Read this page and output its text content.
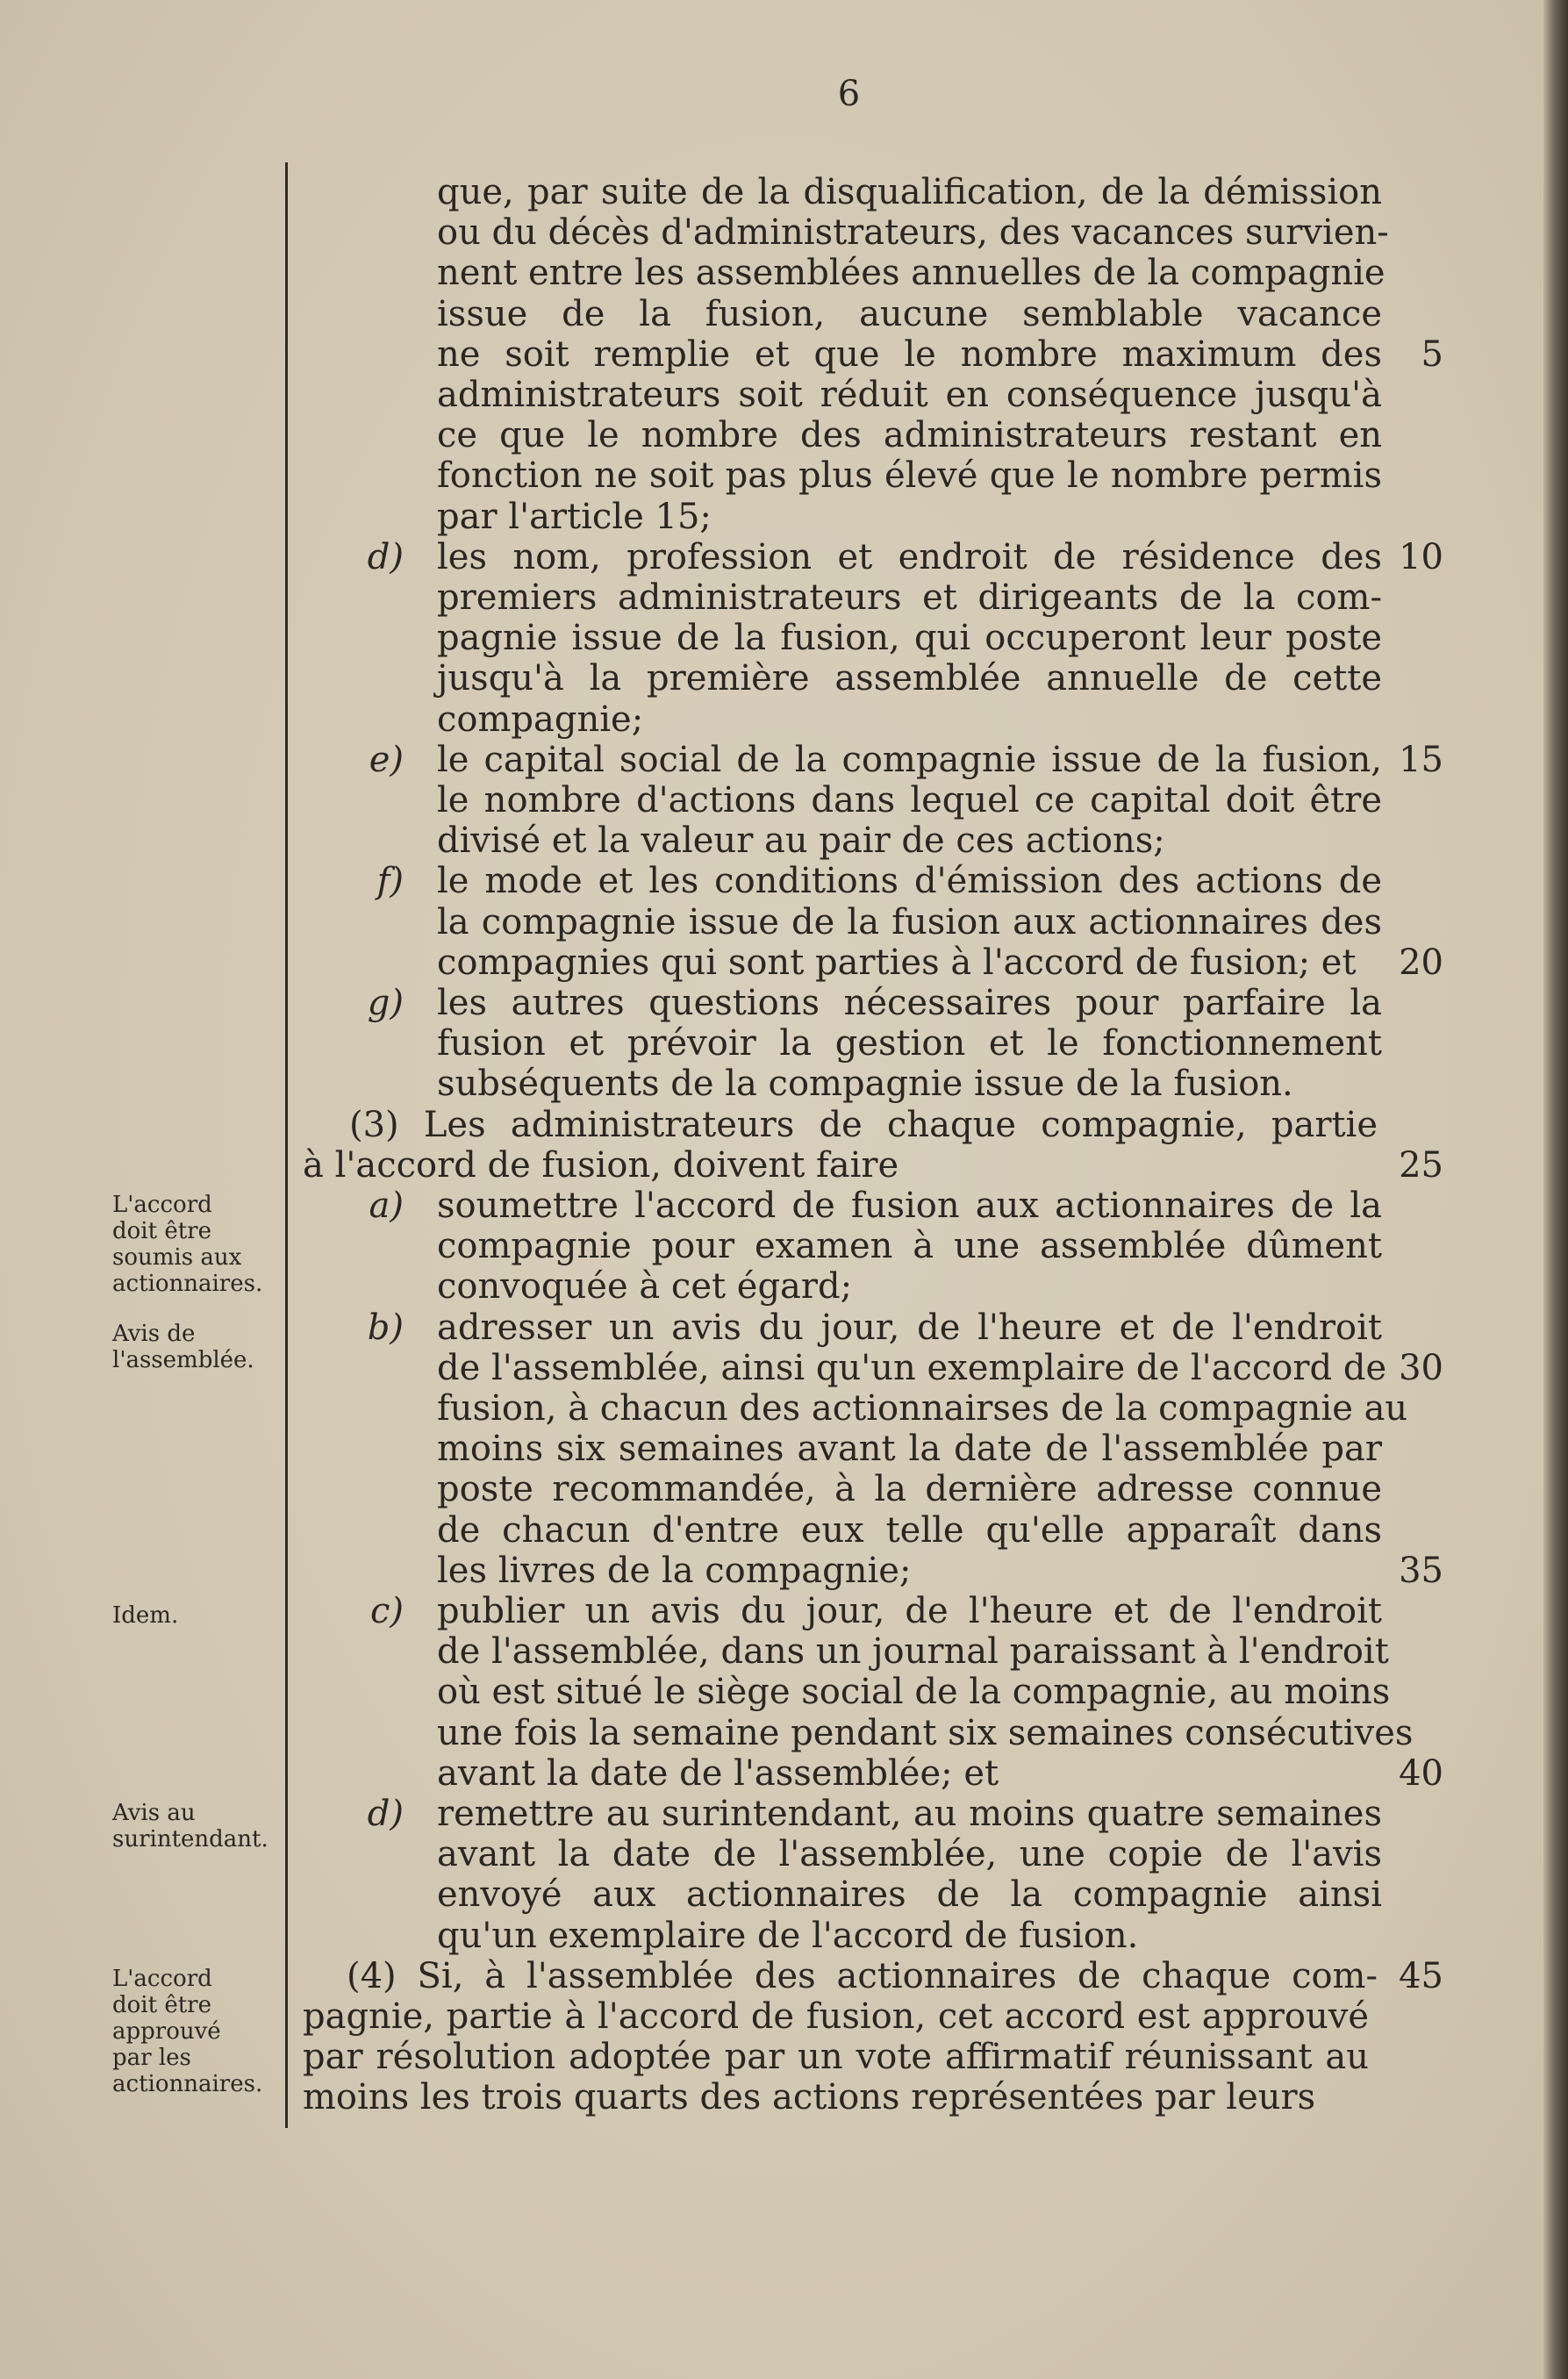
6
L'accord
doit être
soumis aux
actionnaires.
Avis de
l'assemblée.
Idem.
Avis au
surintendant.
L'accord
doit être
approuvé
par les
actionnaires.
que, par suite de la disqualification, de la démission
ou du décès d'administrateurs, des vacances survien-
nent entre les assemblées annuelles de la compagnie
issue de la fusion, aucune semblable vacance
ne soit remplie et que le nombre maximum des	5
administrateurs soit réduit en conséquence jusqu'à
ce que le nombre des administrateurs restant en
fonction ne soit pas plus élevé que le nombre permis
par l'article 15;
d) les nom, profession et endroit de résidence des 10
premiers administrateurs et dirigeants de la com-
pagnie issue de la fusion, qui occuperont leur poste
jusqu'à la première assemblée annuelle de cette
compagnie;
e) le capital social de la compagnie issue de la fusion, 15
le nombre d'actions dans lequel ce capital doit être
divisé et la valeur au pair de ces actions;
f) le mode et les conditions d'émission des actions de
la compagnie issue de la fusion aux actionnaires des
compagnies qui sont parties à l'accord de fusion; et	20
g) les autres questions nécessaires pour parfaire la
fusion et prévoir la gestion et le fonctionnement
subséquents de la compagnie issue de la fusion.
(3) Les administrateurs de chaque compagnie, partie
à l'accord de fusion, doivent faire	25
a) soumettre l'accord de fusion aux actionnaires de la
compagnie pour examen à une assemblée dûment
convoquée à cet égard;
b) adresser un avis du jour, de l'heure et de l'endroit
de l'assemblée, ainsi qu'un exemplaire de l'accord de 30
fusion, à chacun des actionnairses de la compagnie au
moins six semaines avant la date de l'assemblée par
poste recommandée, à la dernière adresse connue
de chacun d'entre eux telle qu'elle apparaît dans
les livres de la compagnie;	35
c) publier un avis du jour, de l'heure et de l'endroit
de l'assemblée, dans un journal paraissant à l'endroit
où est situé le siège social de la compagnie, au moins
une fois la semaine pendant six semaines consécutives
avant la date de l'assemblée; et	40
d) remettre au surintendant, au moins quatre semaines
avant la date de l'assemblée, une copie de l'avis
envoyé aux actionnaires de la compagnie ainsi
qu'un exemplaire de l'accord de fusion.
(4) Si, à l'assemblée des actionnaires de chaque com- 45
pagnie, partie à l'accord de fusion, cet accord est approuvé
par résolution adoptée par un vote affirmatif réunissant au
moins les trois quarts des actions représentées par leurs
